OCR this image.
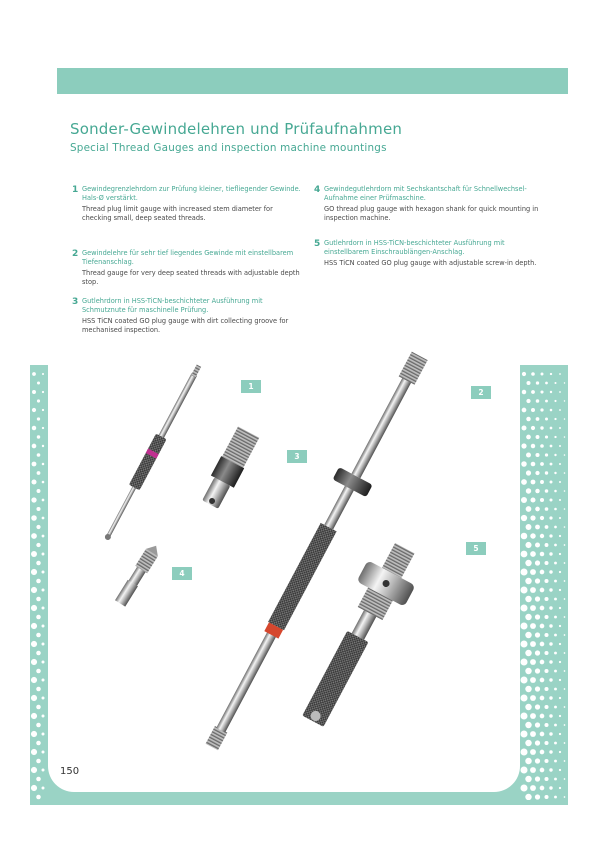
Sonder-Gewindelehren und Prüfaufnahmen
Special Thread Gauges and inspection machine mountings
1 Gewindegrenzlehrdorn zur Prüfung kleiner, tiefliegender Gewinde. Hals-Ø verstärkt.

Thread plug limit gauge with increased stem diameter for checking small, deep seated threads.

2 Gewindelehre für sehr tief liegendes Gewinde mit einstellbarem Tiefenanschlag.

Thread gauge for very deep seated threads with adjustable depth stop.

3 Gutlehrdorn in HSS-TiCN-beschichteter Ausführung mit Schmutznute für maschinelle Prüfung.

HSS TiCN coated GO plug gauge with dirt collecting groove for mechanised inspection.

4 Gewindegutlehrdorn mit Sechskantschaft für Schnellwechsel-Aufnahme einer Prüfmaschine.

GO thread plug gauge with hexagon shank for quick mounting in inspection machine.

5 Gutlehrdorn in HSS-TiCN-beschichteter Ausführung mit einstellbarem Einschraublängen-Anschlag.

HSS TiCN coated GO plug gauge with adjustable screw-in depth.

1
2
3
4
5
150
